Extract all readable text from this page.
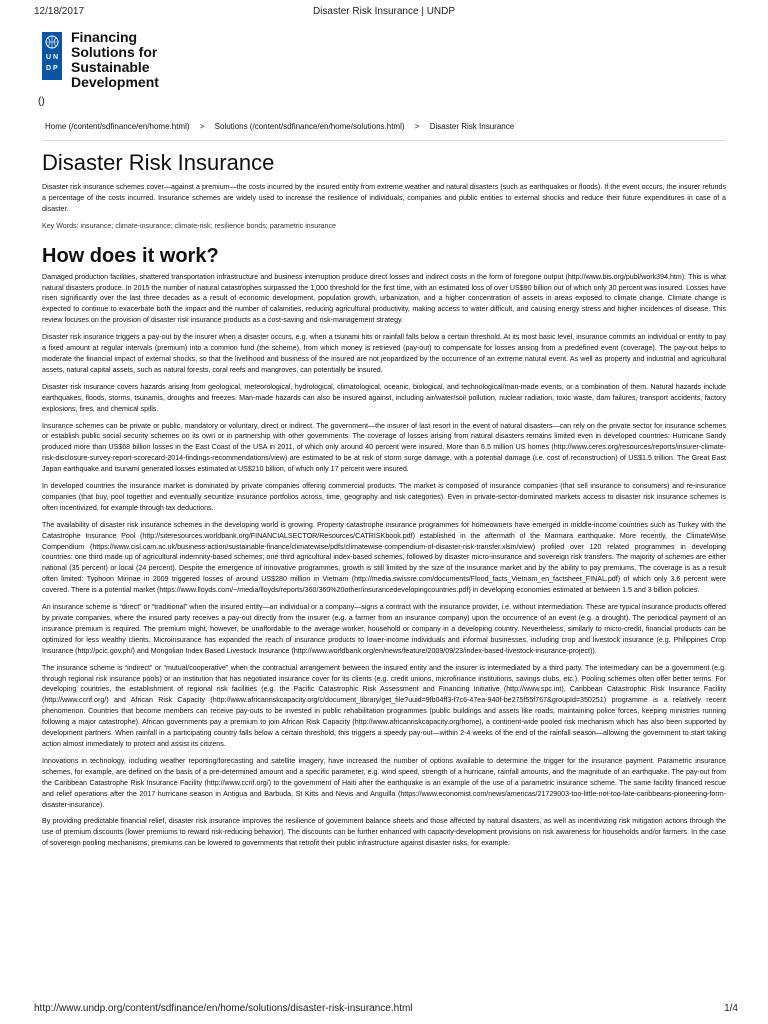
12/18/2017	Disaster Risk Insurance | UNDP
U N
D P
Financing
Solutions for
Sustainable
Development
()
Home (/content/sdfinance/en/home.html) > Solutions (/content/sdfinance/en/home/solutions.html) > Disaster Risk Insurance
Disaster Risk Insurance

Disaster risk insurance schemes cover—against a premium—the costs incurred by the insured entity from extreme weather and natural disasters (such as earthquakes or floods). If the event occurs, the insurer refunds a percentage of the costs incurred. Insurance schemes are widely used to increase the resilience of individuals, companies and public entities to external shocks and reduce their future expenditures in case of a disaster.

Key Words: insurance; climate-insurance; climate-risk; resilience bonds; parametric insurance
How does it work?

Damaged production facilities, shattered transportation infrastructure and business interruption produce direct losses and indirect costs in the form of foregone output (http://www.bis.org/publ/work394.htm). This is what natural disasters produce. In 2015 the number of natural catastrophes surpassed the 1,000 threshold for the first time, with an estimated loss of over US$90 billion out of which only 30 percent was insured. Losses have risen significantly over the last three decades as a result of economic development, population growth, urbanization, and a higher concentration of assets in areas exposed to climate change. Climate change is expected to continue to exacerbate both the impact and the number of calamities, reducing agricultural productivity, making access to water difficult, and causing energy stress and higher incidences of disease. This review focuses on the provision of disaster risk insurance products as a cost-saving and risk-management strategy.

Disaster risk insurance triggers a pay-out by the insurer when a disaster occurs, e.g. when a tsunami hits or rainfall falls below a certain threshold. At its most basic level, insurance commits an individual or entity to pay a fixed amount at regular intervals (premium) into a common fund (the scheme), from which money is retrieved (pay-out) to compensate for losses arising from a predefined event (coverage). The pay-out helps to moderate the financial impact of external shocks, so that the livelihood and business of the insured are not jeopardized by the occurrence of an extreme natural event. As well as property and industrial and agricultural assets, natural capital assets, such as natural forests, coral reefs and mangroves, can potentially be insured.

Disaster risk insurance covers hazards arising from geological, meteorological, hydrological, climatological, oceanic, biological, and technological/man-made events, or a combination of them. Natural hazards include earthquakes, floods, storms, tsunamis, droughts and freezes. Man-made hazards can also be insured against, including air/water/soil pollution, nuclear radiation, toxic waste, dam failures, transport accidents, factory explosions, fires, and chemical spills.

Insurance schemes can be private or public, mandatory or voluntary, direct or indirect. The government—the insurer of last resort in the event of natural disasters—can rely on the private sector for insurance schemes or establish public social security schemes on its own or in partnership with other governments. The coverage of losses arising from natural disasters remains limited even in developed countries: Hurricane Sandy produced more than US$68 billion losses in the East Coast of the USA in 2011, of which only around 40 percent were insured. More than 6.5 million US homes (http://www.ceres.org/resources/reports/insurer-climate-risk-disclosure-survey-report-scorecard-2014-findings-recommendations/view) are estimated to be at risk of storm surge damage, with a potential damage (i.e. cost of reconstruction) of US$1.5 trillion. The Great East Japan earthquake and tsunami generated losses estimated at US$210 billion, of which only 17 percent were insured.

In developed countries the insurance market is dominated by private companies offering commercial products. The market is composed of insurance companies (that sell insurance to consumers) and re-insurance companies (that buy, pool together and eventually securitize insurance portfolios across, time, geography and risk categories). Even in private-sector-dominated markets access to disaster risk insurance schemes is often incentivized, for example through tax deductions.

The availability of disaster risk insurance schemes in the developing world is growing. Property catastrophe insurance programmes for homeowners have emerged in middle-income countries such as Turkey with the Catastrophe Insurance Pool (http://siteresources.worldbank.org/FINANCIALSECTOR/Resources/CATRISKbook.pdf) established in the aftermath of the Marmara earthquake. More recently, the ClimateWise Compendium (https://www.cisl.cam.ac.uk/business-action/sustainable-finance/climatewise/pdfs/climatewise-compendium-of-disaster-risk-transfer.xlsm/view) profiled over 120 related programmes in developing countries: one third made up of agricultural indemnity-based schemes; one third agricultural index-based schemes, followed by disaster micro-insurance and sovereign risk transfers. The majority of schemes are either national (35 percent) or local (24 percent). Despite the emergence of innovative programmes, growth is still limited by the size of the insurance market and by the ability to pay premiums. The coverage is as a result often limited: Typhoon Mirinae in 2009 triggered losses of around US$280 million in Vietnam (http://media.swissre.com/documents/Flood_facts_Vietnam_en_factsheet_FINAL.pdf) of which only 3.6 percent were covered. There is a potential market (https://www.lloyds.com/~/media/lloyds/reports/360/360%20other/insurancedevelopingcountries.pdf) in developing economies estimated at between 1.5 and 3 billion policies.

An insurance scheme is “direct” or “traditional” when the insured entity—an individual or a company—signs a contract with the insurance provider, i.e. without intermediation. These are typical insurance products offered by private companies, where the insured party receives a pay-out directly from the insurer (e.g. a farmer from an insurance company) upon the occurrence of an event (e.g. a drought). The periodical payment of an insurance premium is required. The premium might, however, be unaffordable to the average worker, household or company in a developing country. Nevertheless, similarly to micro-credit, financial products can be optimized for less wealthy clients. Microinsurance has expanded the reach of insurance products to lower-income individuals and informal businesses, including crop and livestock insurance (e.g. Philippines Crop Insurance (http://pcic.gov.ph/) and Mongolian Index Based Livestock Insurance (http://www.worldbank.org/en/news/feature/2009/09/23/index-based-livestock-insurance-project)).

The insurance scheme is “indirect” or “mutual/cooperative” when the contractual arrangement between the insured entity and the insurer is intermediated by a third party. The intermediary can be a government (e.g. through regional risk insurance pools) or an institution that has negotiated insurance cover for its clients (e.g. credit unions, microfinance institutions, savings clubs, etc.). Pooling schemes often offer better terms. For developing countries, the establishment of regional risk facilities (e.g. the Pacific Catastrophic Risk Assessment and Financing Initiative (http://www.spc.int), Caribbean Catastrophic Risk Insurance Facility (http://www.ccrif.org/) and African Risk Capacity (http://www.africanriskcapacity.org/c/document_library/get_file?uuid=9fb04ff3-f7c6-47ea-940f-be275f55f767&groupId=350251) programme is a relatively recent phenomenon. Countries that become members can receive pay-outs to be invested in public rehabilitation programmes (public buildings and assets like roads, maintaining police forces, keeping ministries running following a major catastrophe). African governments pay a premium to join African Risk Capacity (http://www.africanriskcapacity.org/home), a continent-wide pooled risk mechanism which has also been supported by development partners. When rainfall in a participating country falls below a certain threshold, this triggers a speedy pay-out—within 2-4 weeks of the end of the rainfall season—allowing the government to start taking action almost immediately to protect and assist its citizens.

Innovations in technology, including weather reporting/forecasting and satellite imagery, have increased the number of options available to determine the trigger for the insurance payment. Parametric insurance schemes, for example, are defined on the basis of a pre-determined amount and a specific parameter, e.g. wind speed, strength of a hurricane, rainfall amounts, and the magnitude of an earthquake. The pay-out from the Caribbean Catastrophe Risk Insurance Facility (http://www.ccrif.org/) to the government of Haiti after the earthquake is an example of the use of a parametric insurance scheme. The same facility financed rescue and relief operations after the 2017 hurricane season in Antigua and Barbuda, St Kitts and Nevis and Anguilla (https://www.economist.com/news/americas/21729003-too-little-not-too-late-caribbeans-pioneering-form-disaster-insurance).

By providing predictable financial relief, disaster risk insurance improves the resilience of government balance sheets and those affected by natural disasters, as well as incentivizing risk mitigation actions through the use of premium discounts (lower premiums to reward risk-reducing behavior). The discounts can be further enhanced with capacity-development provisions on risk awareness for households and/or farmers. In the case of sovereign pooling mechanisms, premiums can be lowered to governments that retrofit their public infrastructure against disaster risks, for example.

http://www.undp.org/content/sdfinance/en/home/solutions/disaster-risk-insurance.html	1/4
